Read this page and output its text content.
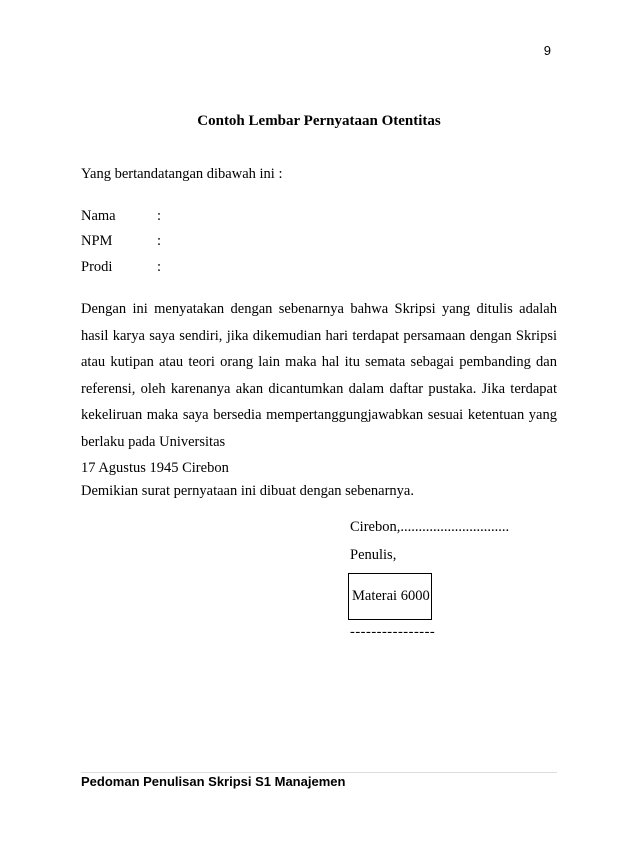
9
Contoh Lembar Pernyataan Otentitas
Yang bertandatangan dibawah ini :
Nama	:
NPM	:
Prodi	:
Dengan ini menyatakan dengan sebenarnya bahwa Skripsi yang ditulis adalah hasil karya saya sendiri, jika dikemudian hari terdapat persamaan dengan Skripsi atau kutipan atau teori orang lain maka hal itu semata sebagai pembanding dan referensi, oleh karenanya akan dicantumkan dalam daftar pustaka. Jika terdapat kekeliruan maka saya bersedia mempertanggungjawabkan sesuai ketentuan yang berlaku pada Universitas
17 Agustus 1945 Cirebon
Demikian surat pernyataan ini dibuat dengan sebenarnya.
Cirebon,..............................
Penulis,
Materai 6000
----------------
Pedoman Penulisan Skripsi S1 Manajemen
